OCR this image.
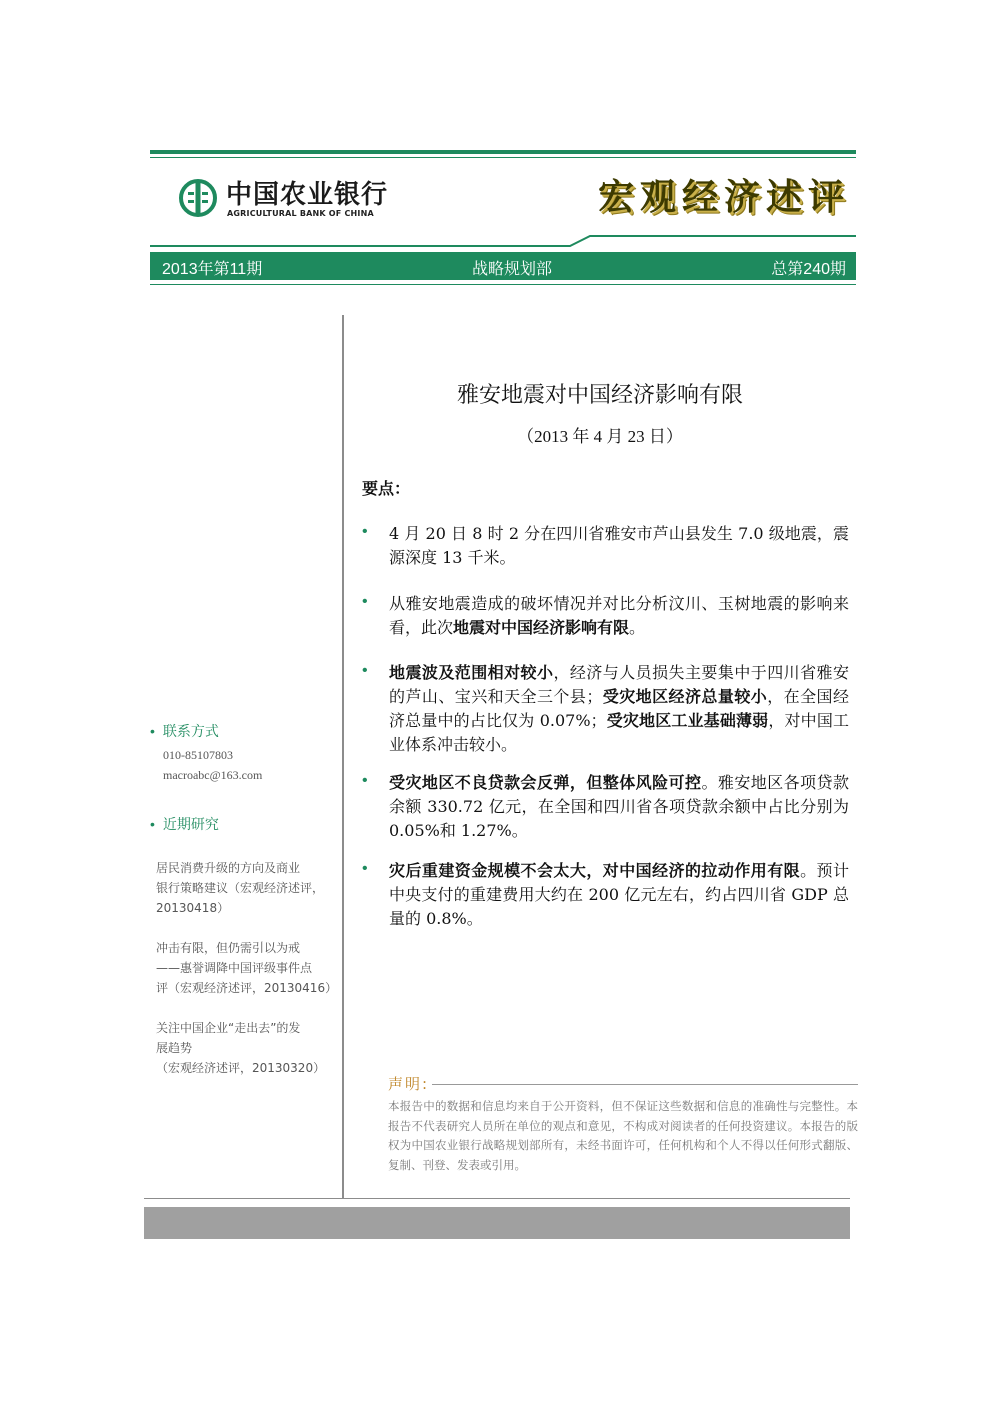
中国农业银行
AGRICULTURAL BANK OF CHINA	宏观经济述评
2013年第11期	战略规划部	总第240期
• 联系方式
010-85107803
macroabc@163.com
• 近期研究
居民消费升级的方向及商业
银行策略建议（宏观经济述评，
20130418）
冲击有限，但仍需引以为戒
——惠誉调降中国评级事件点
评（宏观经济述评，20130416）
关注中国企业“走出去”的发
展趋势
（宏观经济述评，20130320）
雅安地震对中国经济影响有限
（2013 年 4 月 23 日）
要点：
• 4 月 20 日 8 时 2 分在四川省雅安市芦山县发生 7.0 级地震，震源深度 13 千米。
• 从雅安地震造成的破坏情况并对比分析汶川、玉树地震的影响来看，此次地震对中国经济影响有限。
• 地震波及范围相对较小，经济与人员损失主要集中于四川省雅安的芦山、宝兴和天全三个县；受灾地区经济总量较小，在全国经济总量中的占比仅为 0.07%；受灾地区工业基础薄弱，对中国工业体系冲击较小。
• 受灾地区不良贷款会反弹，但整体风险可控。雅安地区各项贷款余额 330.72 亿元，在全国和四川省各项贷款余额中占比分别为 0.05%和 1.27%。
• 灾后重建资金规模不会太大，对中国经济的拉动作用有限。预计中央支付的重建费用大约在 200 亿元左右，约占四川省 GDP 总量的 0.8%。
声明:
本报告中的数据和信息均来自于公开资料，但不保证这些数据和信息的准确性与完整性。本报告不代表研究人员所在单位的观点和意见，不构成对阅读者的任何投资建议。本报告的版权为中国农业银行战略规划部所有，未经书面许可，任何机构和个人不得以任何形式翻版、复制、刊登、发表或引用。
